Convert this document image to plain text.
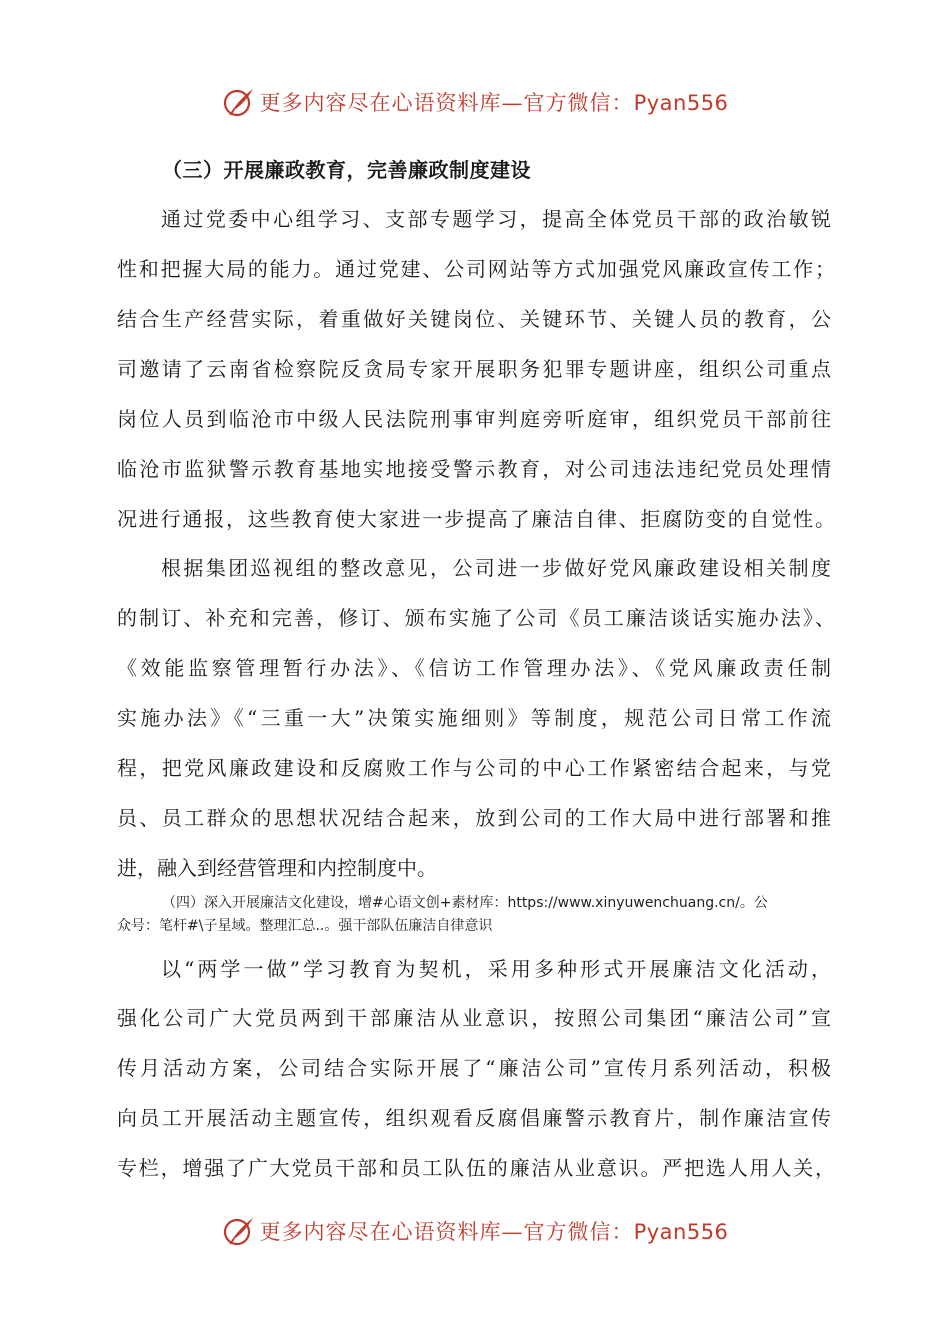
更多内容尽在心语资料库—官方微信：Pyan556
（三）开展廉政教育，完善廉政制度建设
通过党委中心组学习、支部专题学习，提高全体党员干部的政治敏锐
性和把握大局的能力。通过党建、公司网站等方式加强党风廉政宣传工作；
结合生产经营实际，着重做好关键岗位、关键环节、关键人员的教育，公
司邀请了云南省检察院反贪局专家开展职务犯罪专题讲座，组织公司重点
岗位人员到临沧市中级人民法院刑事审判庭旁听庭审，组织党员干部前往
临沧市监狱警示教育基地实地接受警示教育，对公司违法违纪党员处理情
况进行通报，这些教育使大家进一步提高了廉洁自律、拒腐防变的自觉性。
根据集团巡视组的整改意见，公司进一步做好党风廉政建设相关制度
的制订、补充和完善，修订、颁布实施了公司《员工廉洁谈话实施办法》、
《效能监察管理暂行办法》、《信访工作管理办法》、《党风廉政责任制
实施办法》《“三重一大”决策实施细则》等制度，规范公司日常工作流
程，把党风廉政建设和反腐败工作与公司的中心工作紧密结合起来，与党
员、员工群众的思想状况结合起来，放到公司的工作大局中进行部署和推
进，融入到经营管理和内控制度中。
（四）深入开展廉洁文化建设，增#心语文创+素材库：https://www.xinyuwenchuang.cn/。公
众号：笔杆#\子星域。整理汇总..。强干部队伍廉洁自律意识
以“两学一做”学习教育为契机，采用多种形式开展廉洁文化活动，
强化公司广大党员两到干部廉洁从业意识，按照公司集团“廉洁公司”宣
传月活动方案，公司结合实际开展了“廉洁公司”宣传月系列活动，积极
向员工开展活动主题宣传，组织观看反腐倡廉警示教育片，制作廉洁宣传
专栏，增强了广大党员干部和员工队伍的廉洁从业意识。严把选人用人关，
更多内容尽在心语资料库—官方微信：Pyan556
